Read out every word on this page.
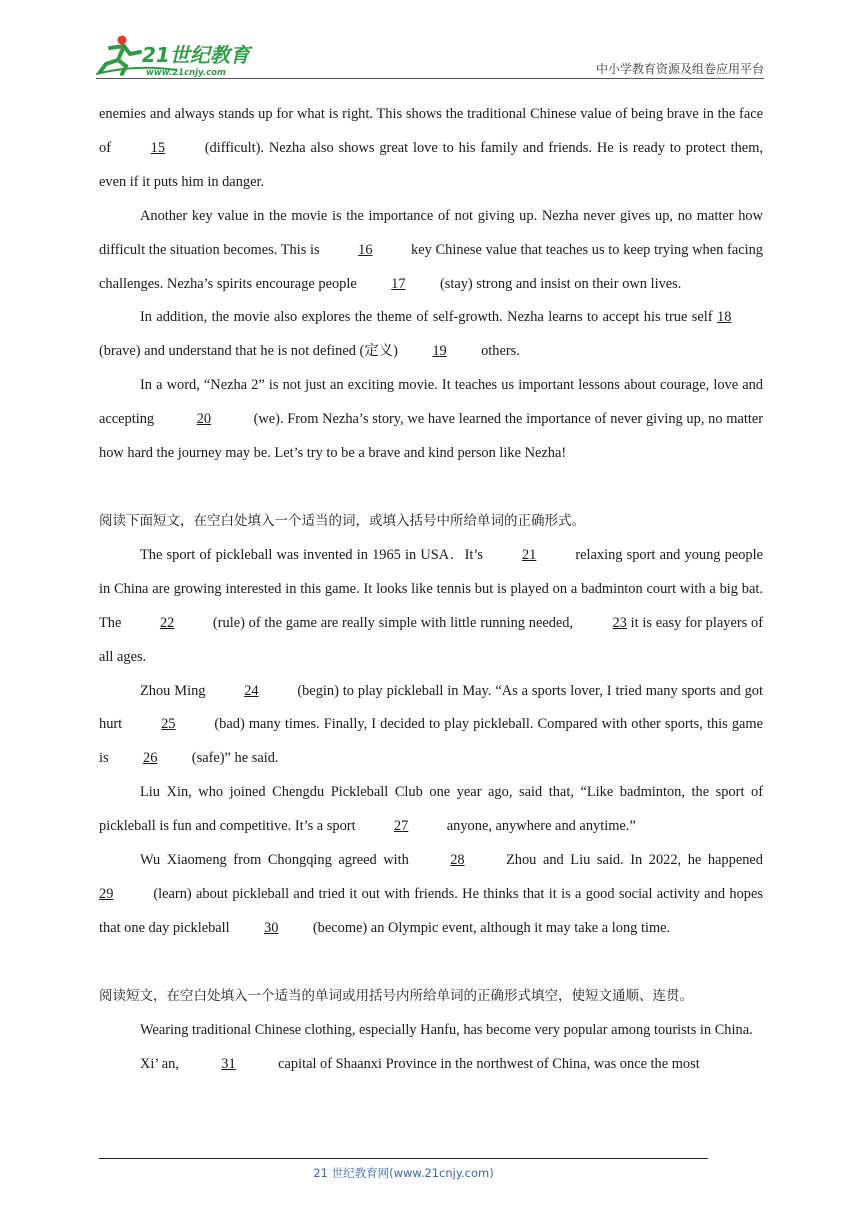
21世纪教育
www.21cnjy.com	中小学教育资源及组卷应用平台

enemies and always stands up for what is right. This shows the traditional Chinese value of being brave in the face of 15 (difficult). Nezha also shows great love to his family and friends. He is ready to protect them, even if it puts him in danger.

Another key value in the movie is the importance of not giving up. Nezha never gives up, no matter how difficult the situation becomes. This is 16 key Chinese value that teaches us to keep trying when facing challenges. Nezha’s spirits encourage people 17 (stay) strong and insist on their own lives.

In addition, the movie also explores the theme of self-growth. Nezha learns to accept his true self 18 (brave) and understand that he is not defined (定义) 19 others.

In a word, “Nezha 2” is not just an exciting movie. It teaches us important lessons about courage, love and accepting	20	(we). From Nezha’s story, we have learned the importance of never giving up, no matter how hard the journey may be. Let’s try to be a brave and kind person like Nezha!

阅读下面短文，在空白处填入一个适当的词，或填入括号中所给单词的正确形式。

The sport of pickleball was invented in 1965 in USA．It’s 21 relaxing sport and young people in China are growing interested in this game. It looks like tennis but is played on a badminton court with a big bat. The 22 (rule) of the game are really simple with little running needed, 23 it is easy for players of all ages.

Zhou Ming 24 (begin) to play pickleball in May. “As a sports lover, I tried many sports and got hurt 25 (bad) many times. Finally, I decided to play pickleball. Compared with other sports, this game is 26 (safe)” he said.

Liu Xin, who joined Chengdu Pickleball Club one year ago, said that, “Like badminton, the sport of pickleball is fun and competitive. It’s a sport 27 anyone, anywhere and anytime.”

Wu Xiaomeng from Chongqing agreed with 28 Zhou and Liu said. In 2022, he happened 29 (learn) about pickleball and tried it out with friends. He thinks that it is a good social activity and hopes that one day pickleball 30 (become) an Olympic event, although it may take a long time.

阅读短文，在空白处填入一个适当的单词或用括号内所给单词的正确形式填空，使短文通顺、连贯。

Wearing traditional Chinese clothing, especially Hanfu, has become very popular among tourists in China.

Xi’ an,	31	capital of Shaanxi Province in the northwest of China, was once the most

21 世纪教育网(www.21cnjy.com)
